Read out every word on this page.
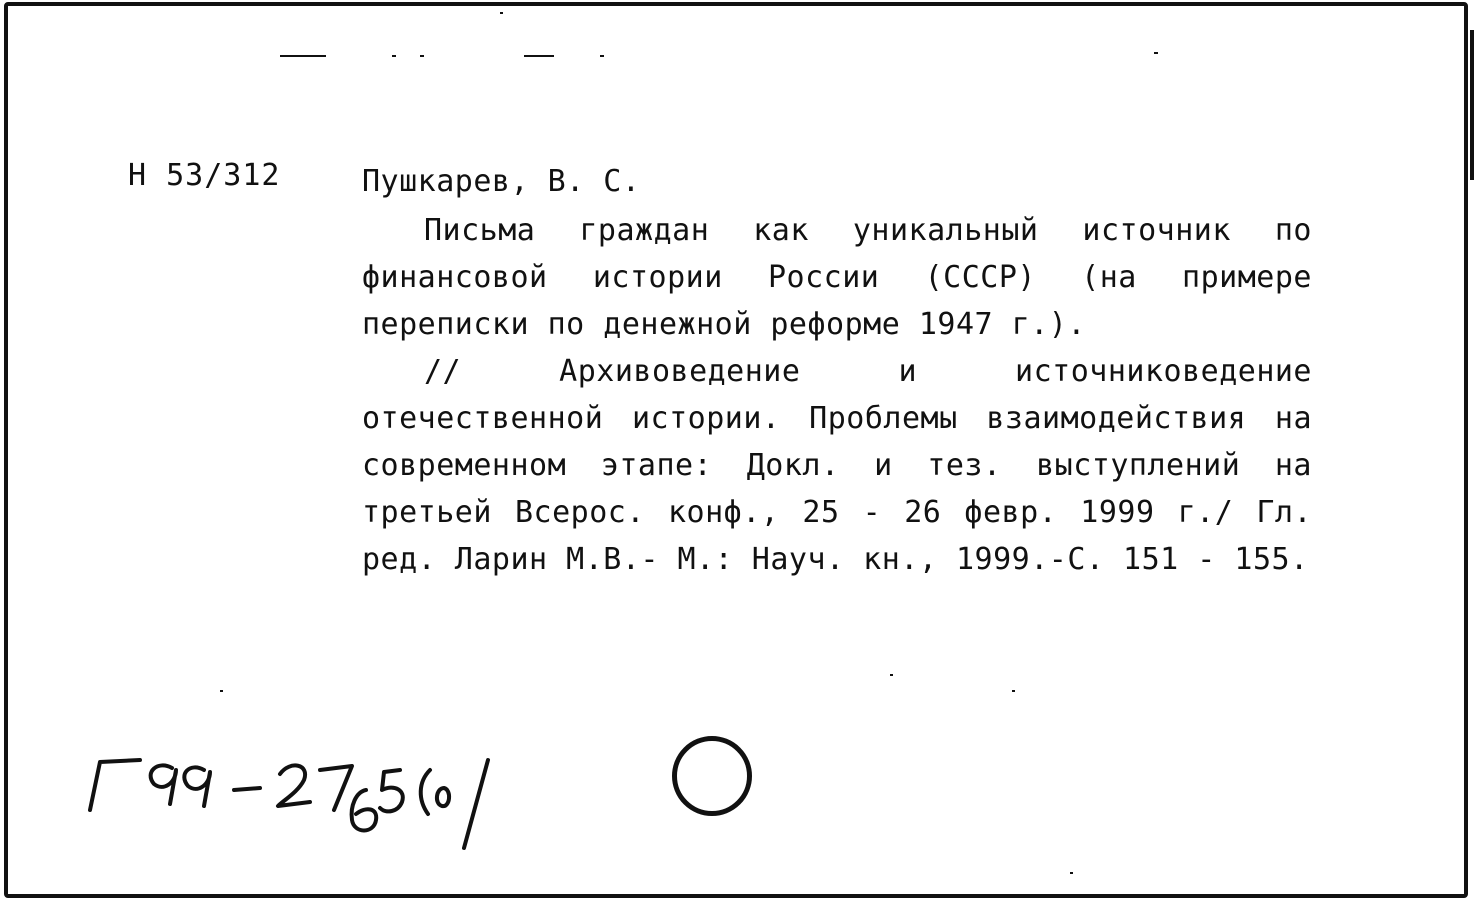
Н 53/312	Пушкарев, В. С.
Письма граждан как уникальный источник по финансовой истории России (СССР) (на примере переписки по денежной реформе 1947 г.).
// Архивоведение и источниковедение отечественной истории. Проблемы взаимодействия на современном этапе: Докл. и тез. выступлений на третьей Всерос. конф., 25 - 26 февр. 1999 г./ Гл. ред. Ларин М.В.- М.: Науч. кн., 1999.-С. 151 - 155.
